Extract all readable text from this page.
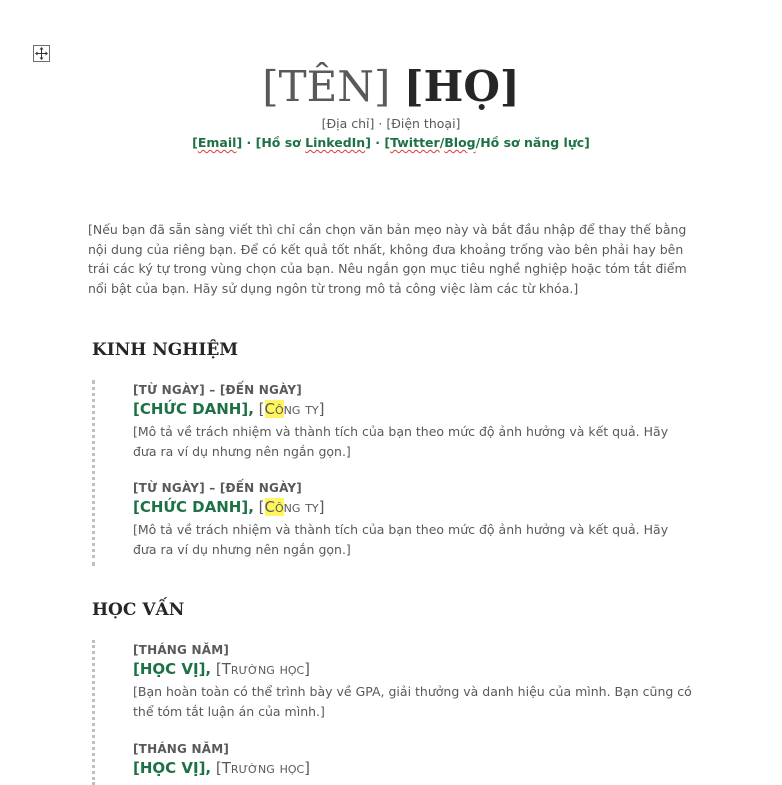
[TÊN] [HỌ]
[Địa chỉ] · [Điện thoại]
[Email] · [Hồ sơ LinkedIn] · [Twitter/Blog/Hồ sơ năng lực]
[Nếu bạn đã sẵn sàng viết thì chỉ cần chọn văn bản mẹo này và bắt đầu nhập để thay thế bằng nội dung của riêng bạn. Để có kết quả tốt nhất, không đưa khoảng trống vào bên phải hay bên trái các ký tự trong vùng chọn của bạn. Nêu ngắn gọn mục tiêu nghề nghiệp hoặc tóm tắt điểm nổi bật của bạn. Hãy sử dụng ngôn từ trong mô tả công việc làm các từ khóa.]
KINH NGHIỆM
[TỪ NGÀY] – [ĐẾN NGÀY]
[CHỨC DANH], [Công ty]
[Mô tả về trách nhiệm và thành tích của bạn theo mức độ ảnh hưởng và kết quả. Hãy đưa ra ví dụ nhưng nên ngắn gọn.]
[TỪ NGÀY] – [ĐẾN NGÀY]
[CHỨC DANH], [Công ty]
[Mô tả về trách nhiệm và thành tích của bạn theo mức độ ảnh hưởng và kết quả. Hãy đưa ra ví dụ nhưng nên ngắn gọn.]
HỌC VẤN
[THÁNG NĂM]
[HỌC VỊ], [Trường học]
[Bạn hoàn toàn có thể trình bày về GPA, giải thưởng và danh hiệu của mình. Bạn cũng có thể tóm tắt luận án của mình.]
[THÁNG NĂM]
[HỌC VỊ], [Trường học]
